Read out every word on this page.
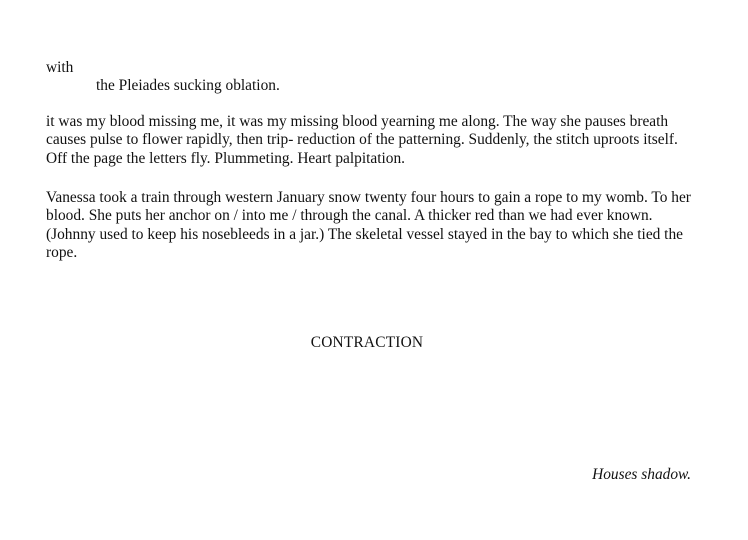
with
the Pleiades sucking oblation.

it was my blood missing me, it was my missing blood yearning me along. The way she pauses breath causes pulse to flower rapidly, then trip- reduction of the patterning. Suddenly, the stitch uproots itself. Off the page the letters fly. Plummeting. Heart palpitation.

Vanessa took a train through western January snow twenty four hours to gain a rope to my womb. To her blood. She puts her anchor on / into me / through the canal. A thicker red than we had ever known. (Johnny used to keep his nosebleeds in a jar.) The skeletal vessel stayed in the bay to which she tied the rope.

CONTRACTION
Houses shadow.
